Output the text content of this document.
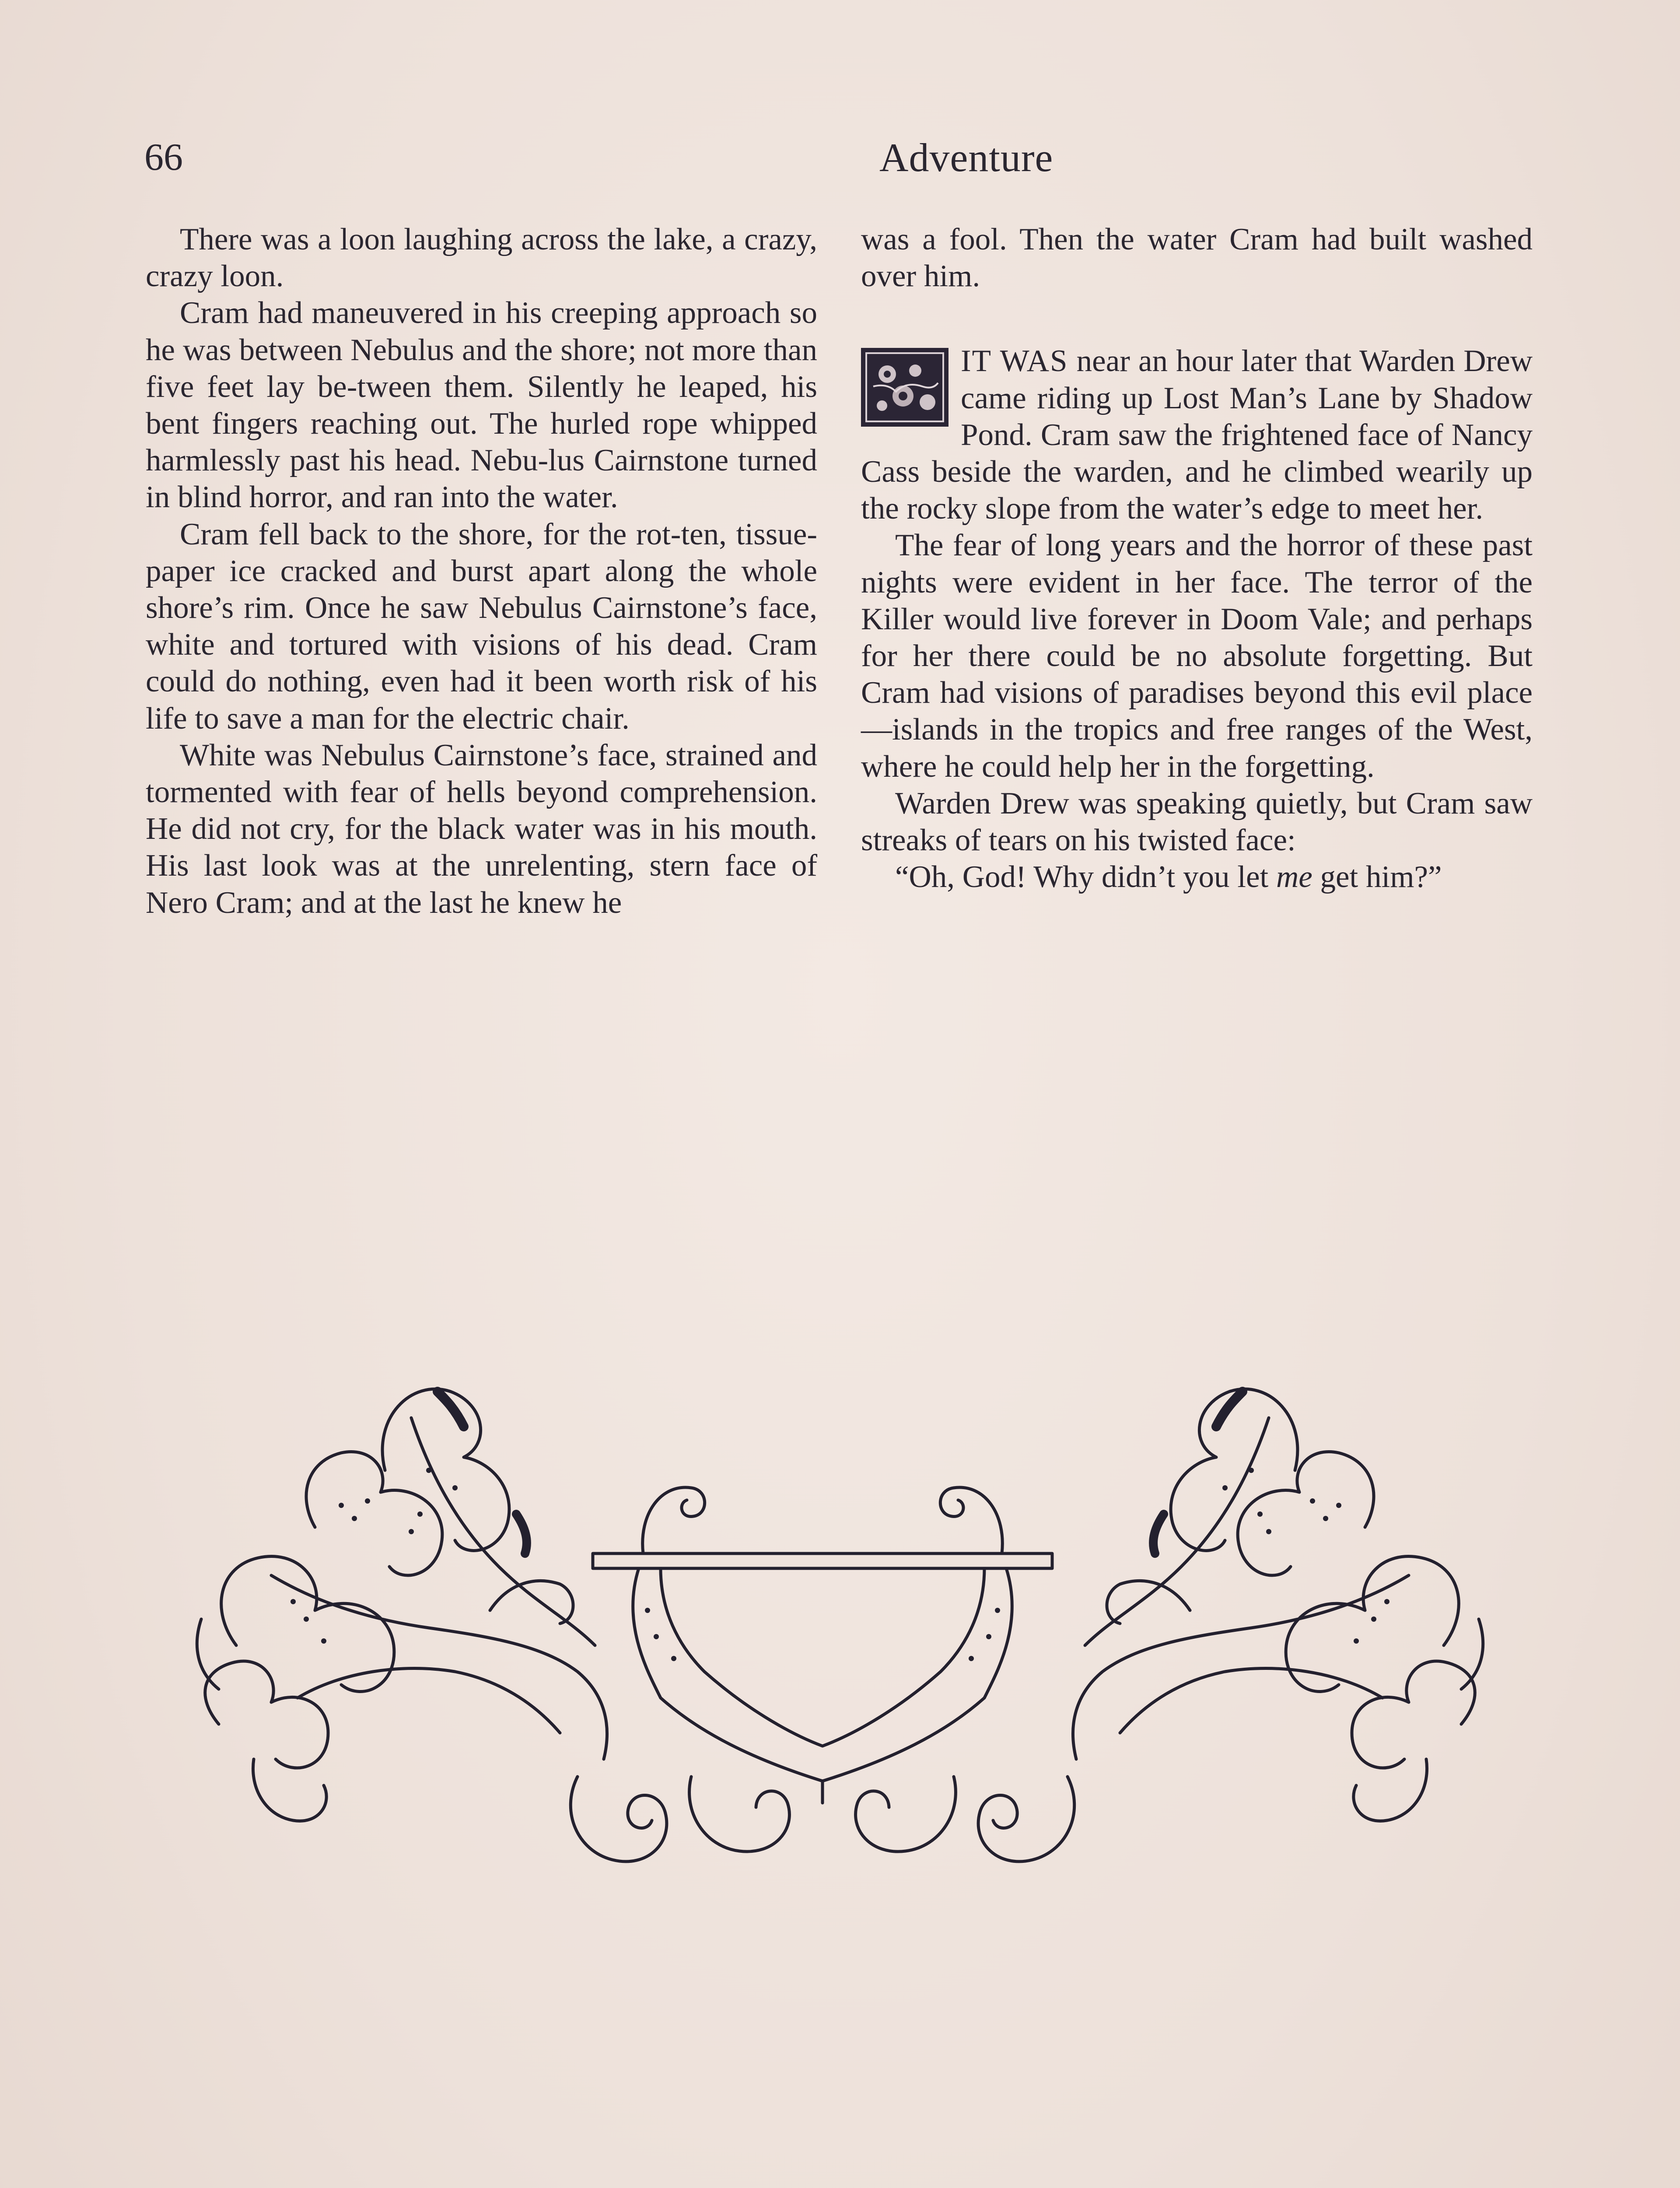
66	Adventure

There was a loon laughing across the lake, a crazy, crazy loon.

Cram had maneuvered in his creeping approach so he was between Nebulus and the shore; not more than five feet lay be-tween them. Silently he leaped, his bent fingers reaching out. The hurled rope whipped harmlessly past his head. Nebu-lus Cairnstone turned in blind horror, and ran into the water.

Cram fell back to the shore, for the rot-ten, tissue-paper ice cracked and burst apart along the whole shore’s rim. Once he saw Nebulus Cairnstone’s face, white and tortured with visions of his dead. Cram could do nothing, even had it been worth risk of his life to save a man for the electric chair.

White was Nebulus Cairnstone’s face, strained and tormented with fear of hells beyond comprehension. He did not cry, for the black water was in his mouth. His last look was at the unrelenting, stern face of Nero Cram; and at the last he knew he

was a fool. Then the water Cram had built washed over him.

IT WAS near an hour later that Warden Drew came riding up Lost Man’s Lane by Shadow Pond. Cram saw the frightened face of Nancy Cass beside the warden, and he climbed wearily up the rocky slope from the water’s edge to meet her.

The fear of long years and the horror of these past nights were evident in her face. The terror of the Killer would live forever in Doom Vale; and perhaps for her there could be no absolute forgetting. But Cram had visions of paradises beyond this evil place—islands in the tropics and free ranges of the West, where he could help her in the forgetting.

Warden Drew was speaking quietly, but Cram saw streaks of tears on his twisted face:

“Oh, God! Why didn’t you let me get him?”
